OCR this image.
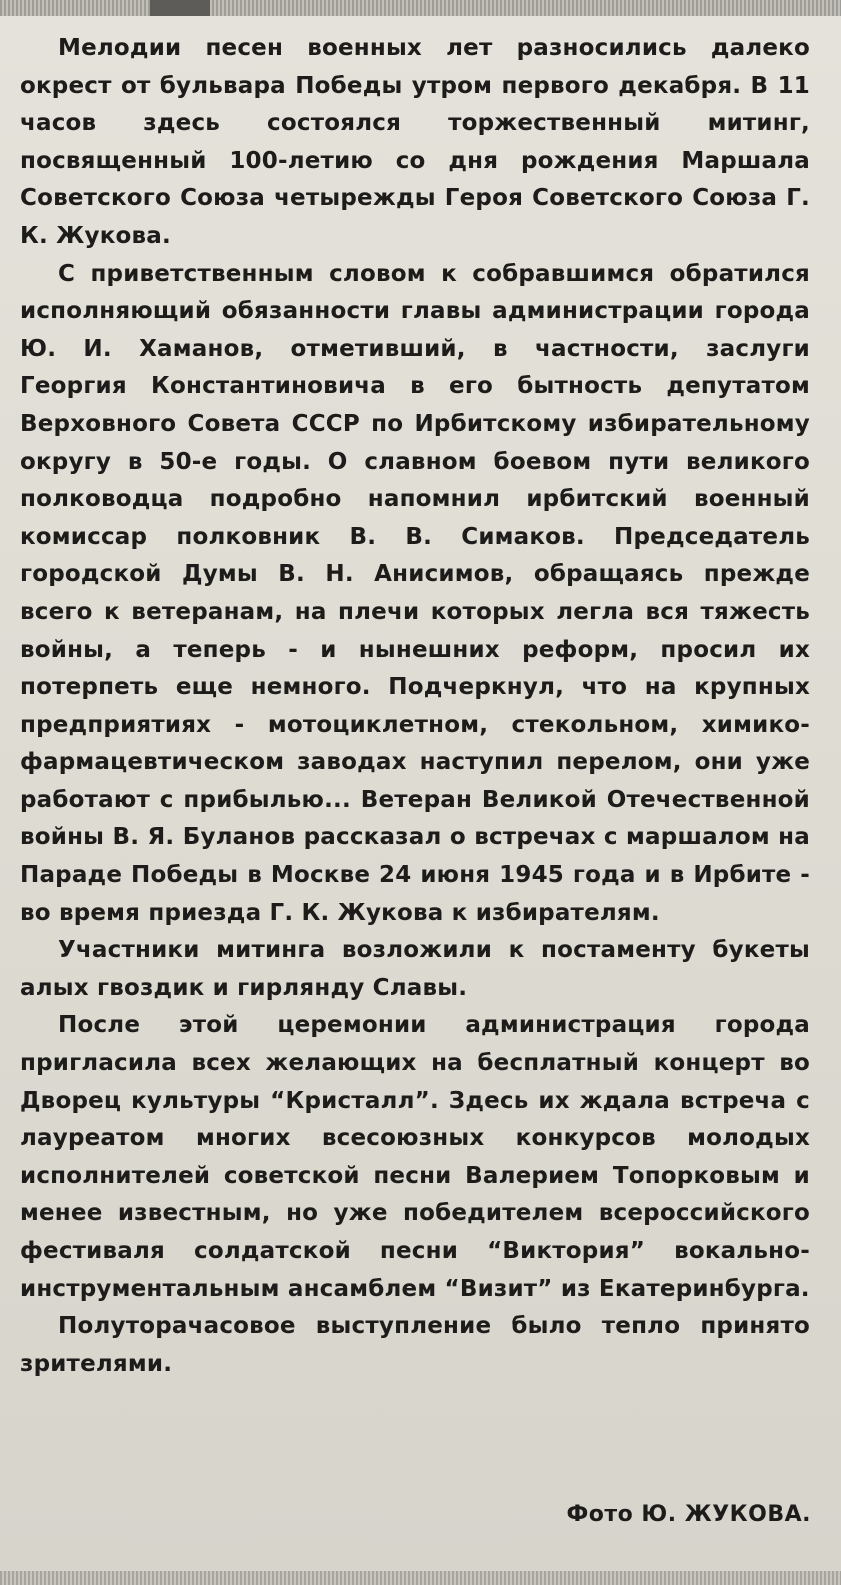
Мелодии песен военных лет разносились далеко окрест от бульвара Победы утром первого декабря. В 11 часов здесь состоялся торжественный митинг, посвященный 100-летию со дня рождения Маршала Советского Союза четырежды Героя Советского Союза Г. К. Жукова.

С приветственным словом к собравшимся обратился исполняющий обязанности главы администрации города Ю. И. Хаманов, отметивший, в частности, заслуги Георгия Константиновича в его бытность депутатом Верховного Совета СССР по Ирбитскому избирательному округу в 50-е годы. О славном боевом пути великого полководца подробно напомнил ирбитский военный комиссар полковник В. В. Симаков. Председатель городской Думы В. Н. Анисимов, обращаясь прежде всего к ветеранам, на плечи которых легла вся тяжесть войны, а теперь - и нынешних реформ, просил их потерпеть еще немного. Подчеркнул, что на крупных предприятиях - мотоциклетном, стекольном, химико-фармацевтическом заводах наступил перелом, они уже работают с прибылью... Ветеран Великой Отечественной войны В. Я. Буланов рассказал о встречах с маршалом на Параде Победы в Москве 24 июня 1945 года и в Ирбите - во время приезда Г. К. Жукова к избирателям.

Участники митинга возложили к постаменту букеты алых гвоздик и гирлянду Славы.

После этой церемонии администрация города пригласила всех желающих на бесплатный концерт во Дворец культуры “Кристалл”. Здесь их ждала встреча с лауреатом многих всесоюзных конкурсов молодых исполнителей советской песни Валерием Топорковым и менее известным, но уже победителем всероссийского фестиваля солдатской песни “Виктория” вокально-инструментальным ансамблем “Визит” из Екатеринбурга.

Полуторачасовое выступление было тепло принято зрителями.

Фото Ю. ЖУКОВА.
